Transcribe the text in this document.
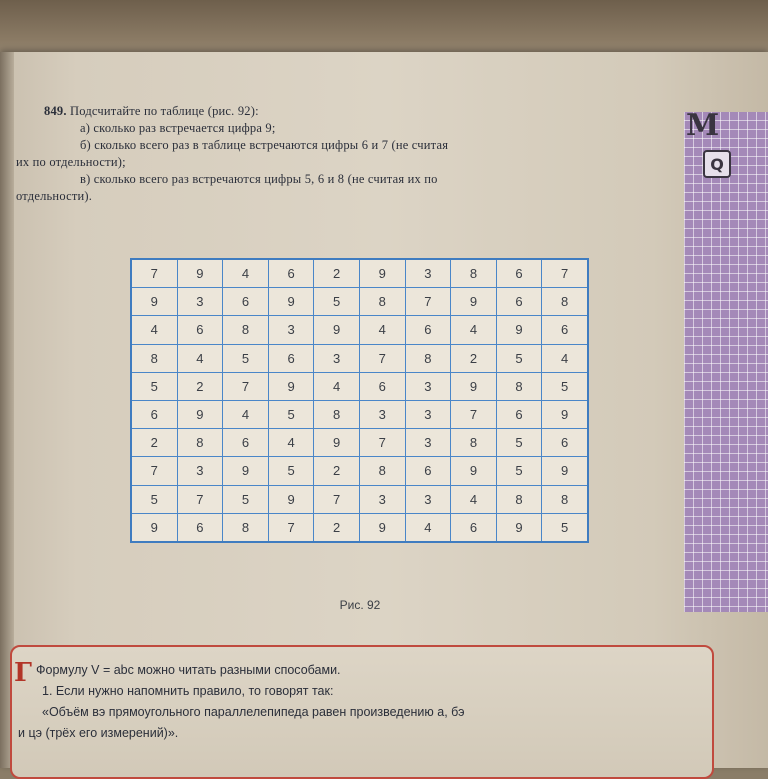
849. Подсчитайте по таблице (рис. 92):
а) сколько раз встречается цифра 9;
б) сколько всего раз в таблице встречаются цифры 6 и 7 (не считая
их по отдельности);
в) сколько всего раз встречаются цифры 5, 6 и 8 (не считая их по
отдельности).
М
Q
7	9	4	6	2	9	3	8	6	7
9	3	6	9	5	8	7	9	6	8
4	6	8	3	9	4	6	4	9	6
8	4	5	6	3	7	8	2	5	4
5	2	7	9	4	6	3	9	8	5
6	9	4	5	8	3	3	7	6	9
2	8	6	4	9	7	3	8	5	6
7	3	9	5	2	8	6	9	5	9
5	7	5	9	7	3	3	4	8	8
9	6	8	7	2	9	4	6	9	5
Рис. 92
Г Формулу V = abc можно читать разными способами.
1. Если нужно напомнить правило, то говорят так:
«Объём вэ прямоугольного параллелепипеда равен произведению а, бэ
и цэ (трёх его измерений)».
